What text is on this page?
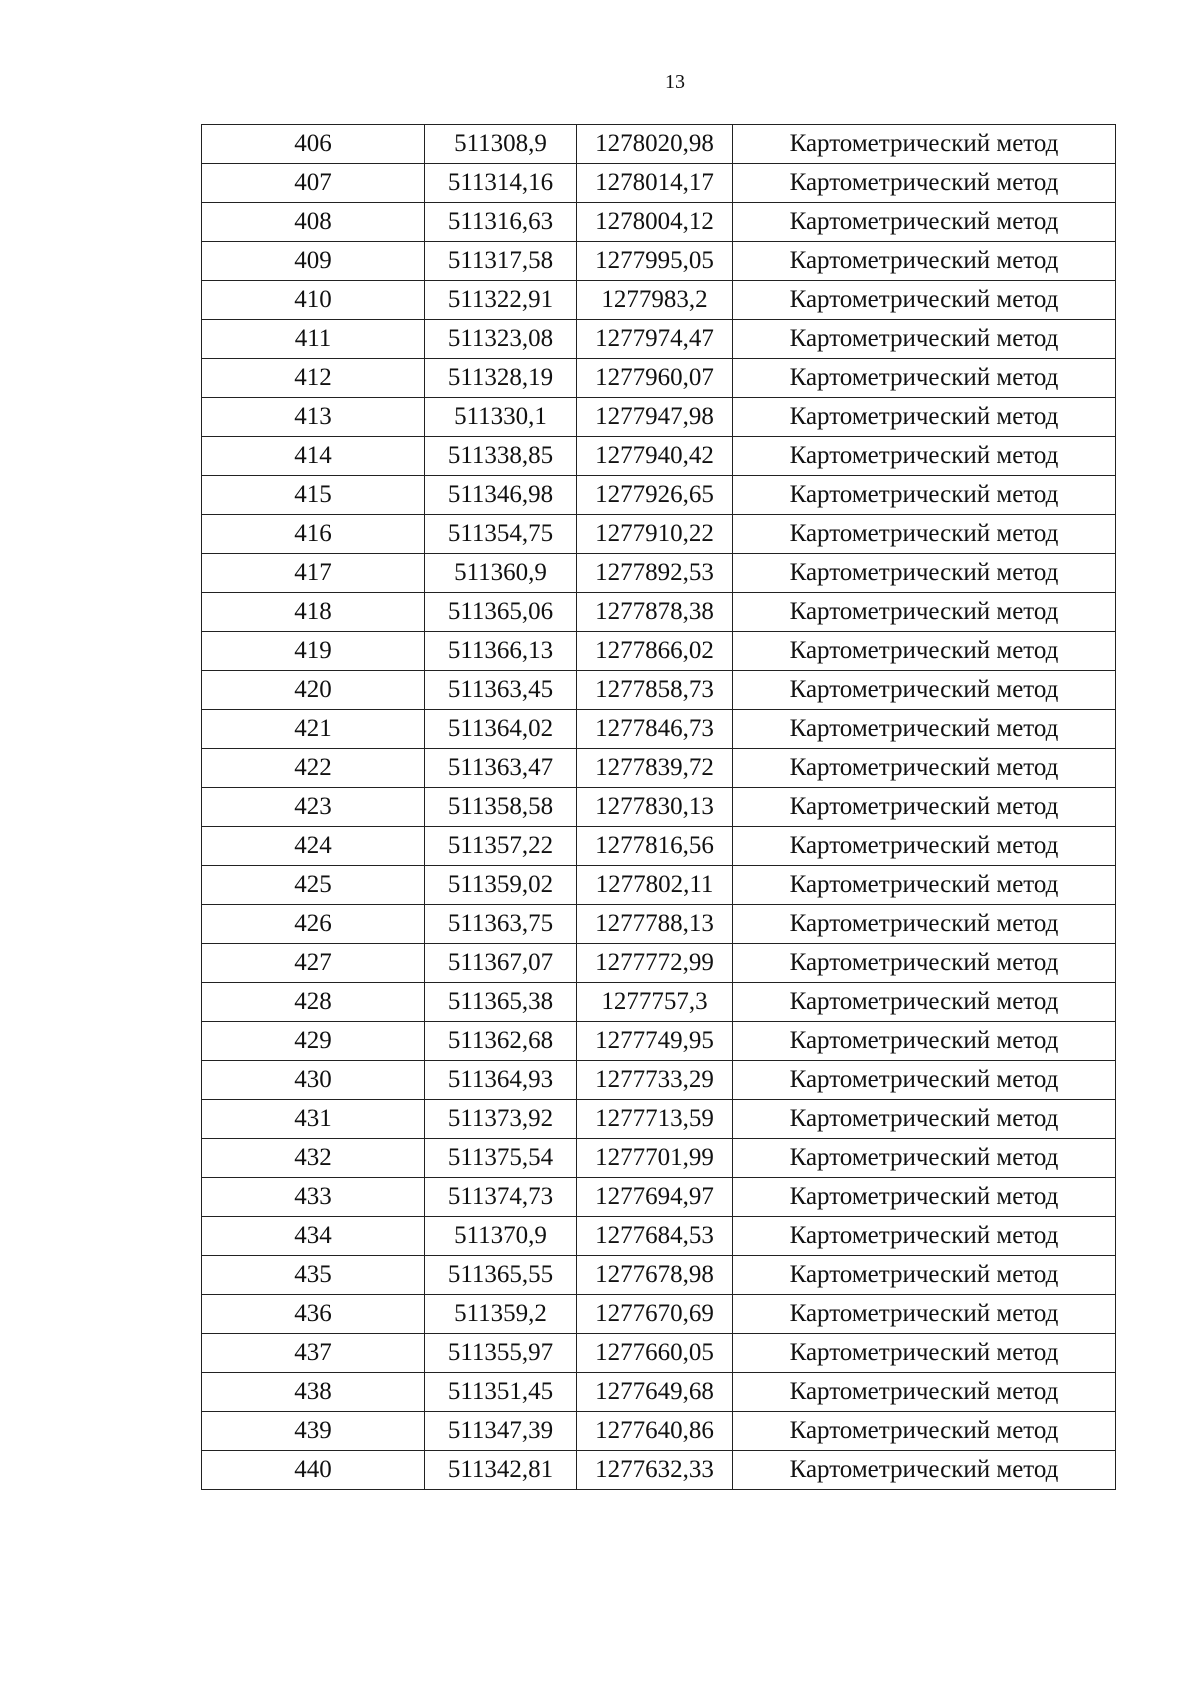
13
406	511308,9	1278020,98	Картометрический метод
407	511314,16	1278014,17	Картометрический метод
408	511316,63	1278004,12	Картометрический метод
409	511317,58	1277995,05	Картометрический метод
410	511322,91	1277983,2	Картометрический метод
411	511323,08	1277974,47	Картометрический метод
412	511328,19	1277960,07	Картометрический метод
413	511330,1	1277947,98	Картометрический метод
414	511338,85	1277940,42	Картометрический метод
415	511346,98	1277926,65	Картометрический метод
416	511354,75	1277910,22	Картометрический метод
417	511360,9	1277892,53	Картометрический метод
418	511365,06	1277878,38	Картометрический метод
419	511366,13	1277866,02	Картометрический метод
420	511363,45	1277858,73	Картометрический метод
421	511364,02	1277846,73	Картометрический метод
422	511363,47	1277839,72	Картометрический метод
423	511358,58	1277830,13	Картометрический метод
424	511357,22	1277816,56	Картометрический метод
425	511359,02	1277802,11	Картометрический метод
426	511363,75	1277788,13	Картометрический метод
427	511367,07	1277772,99	Картометрический метод
428	511365,38	1277757,3	Картометрический метод
429	511362,68	1277749,95	Картометрический метод
430	511364,93	1277733,29	Картометрический метод
431	511373,92	1277713,59	Картометрический метод
432	511375,54	1277701,99	Картометрический метод
433	511374,73	1277694,97	Картометрический метод
434	511370,9	1277684,53	Картометрический метод
435	511365,55	1277678,98	Картометрический метод
436	511359,2	1277670,69	Картометрический метод
437	511355,97	1277660,05	Картометрический метод
438	511351,45	1277649,68	Картометрический метод
439	511347,39	1277640,86	Картометрический метод
440	511342,81	1277632,33	Картометрический метод
